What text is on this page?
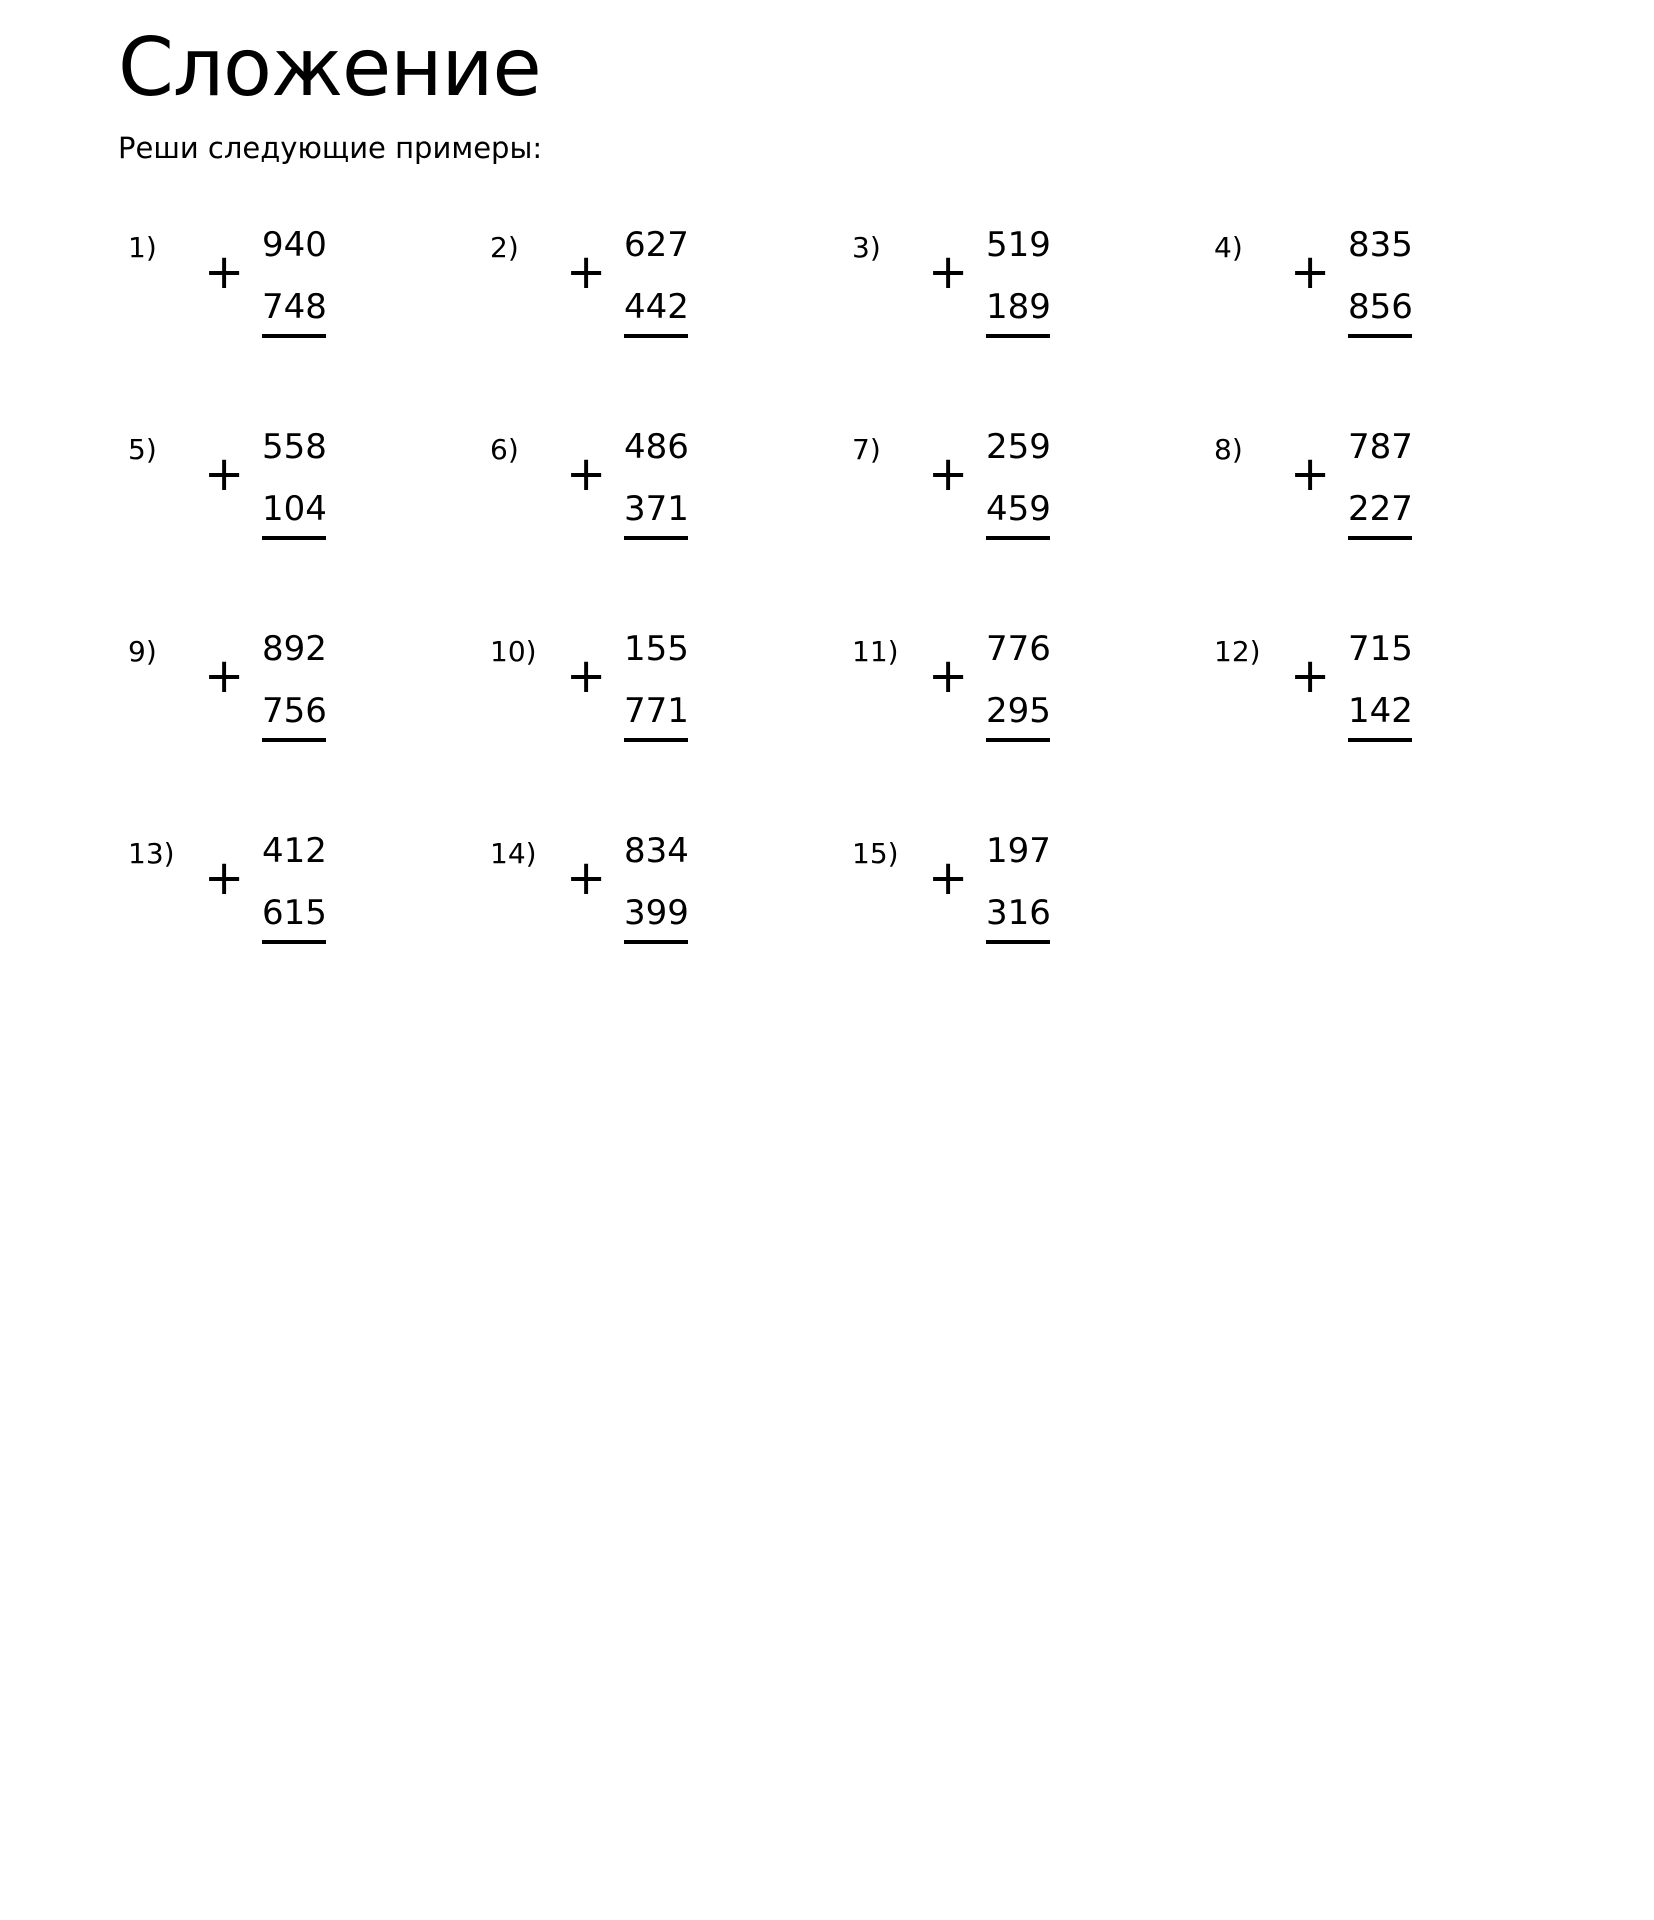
Сложение

Реши следующие примеры:

1) + 940
748
2) + 627
442
3) + 519
189
4) + 835
856
5) + 558
104
6) + 486
371
7) + 259
459
8) + 787
227
9) + 892
756
10) + 155
771
11) + 776
295
12) + 715
142
13) + 412
615
14) + 834
399
15) + 197
316
